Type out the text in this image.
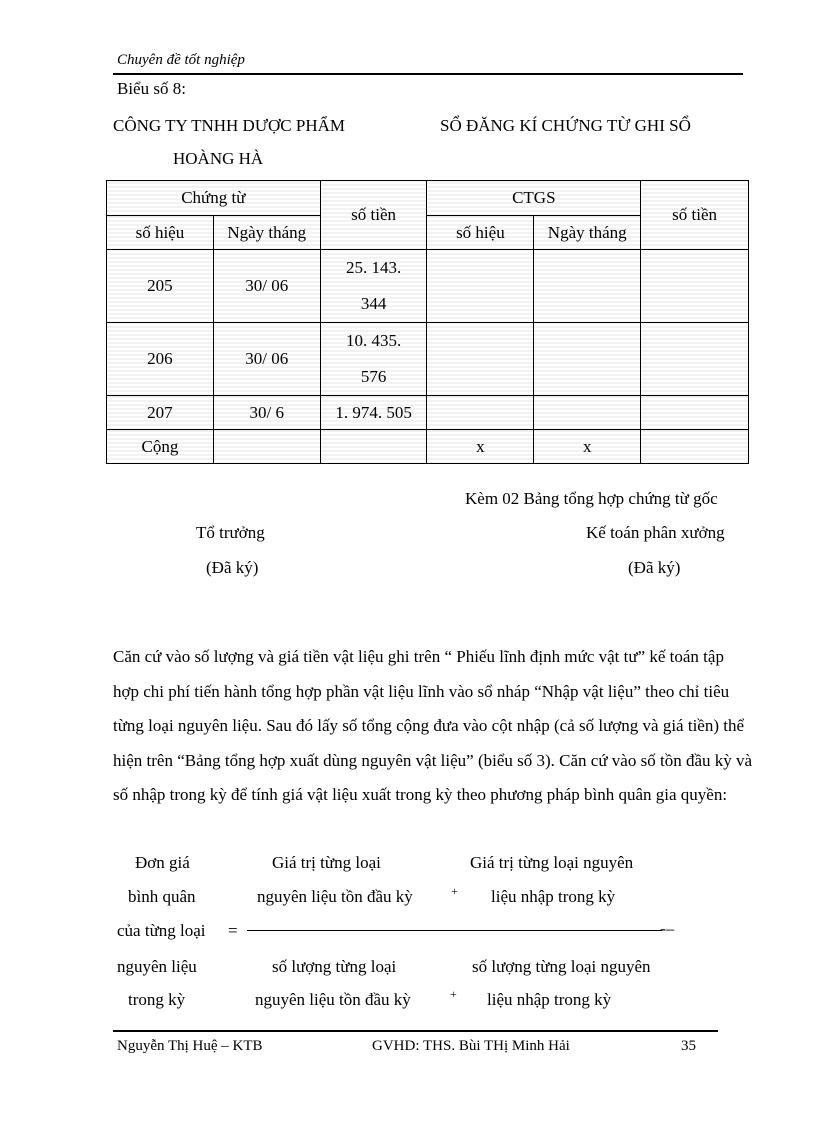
Chuyên đề tốt nghiệp
Biểu số 8:
CÔNG TY TNHH DƯỢC PHẨM	SỔ ĐĂNG KÍ CHỨNG TỪ GHI SỔ
HOÀNG HÀ
Chứng từ		số tiền	CTGS		số tiền
số hiệu	Ngày tháng		số hiệu	Ngày tháng	
205	30/ 06	25. 143.
344			

206	30/ 06	10. 435.
576			

207	30/ 6	1. 974. 505			
Cộng			x	x	
Kèm 02 Bảng tổng hợp chứng từ gốc
Tổ trưởng	Kế toán phân xưởng
(Đã ký)	(Đã ký)
Căn cứ vào số lượng và giá tiền vật liệu ghi trên “ Phiếu lĩnh định mức vật tư” kế toán tập hợp chi phí tiến hành tổng hợp phần vật liệu lĩnh vào sổ nháp “Nhập vật liệu” theo chỉ tiêu từng loại nguyên liệu. Sau đó lấy số tổng cộng đưa vào cột nhập (cả số lượng và giá tiền) thể hiện trên “Bảng tổng hợp xuất dùng nguyên vật liệu” (biểu số 3). Căn cứ vào số tồn đầu kỳ và số nhập trong kỳ để tính giá vật liệu xuất trong kỳ theo phương pháp bình quân gia quyền:
Đơn giá
bình quân
của từng loại
nguyên liệu
trong kỳ
=	-–
Giá trị từng loại
nguyên liệu tồn đầu kỳ	+
Giá trị từng loại nguyên
liệu nhập trong kỳ
số lượng từng loại
nguyên liệu tồn đầu kỳ	+
số lượng từng loại nguyên
liệu nhập trong kỳ
Nguyễn Thị Huệ – KTB	GVHD: THS. Bùi THị Minh Hải	35
